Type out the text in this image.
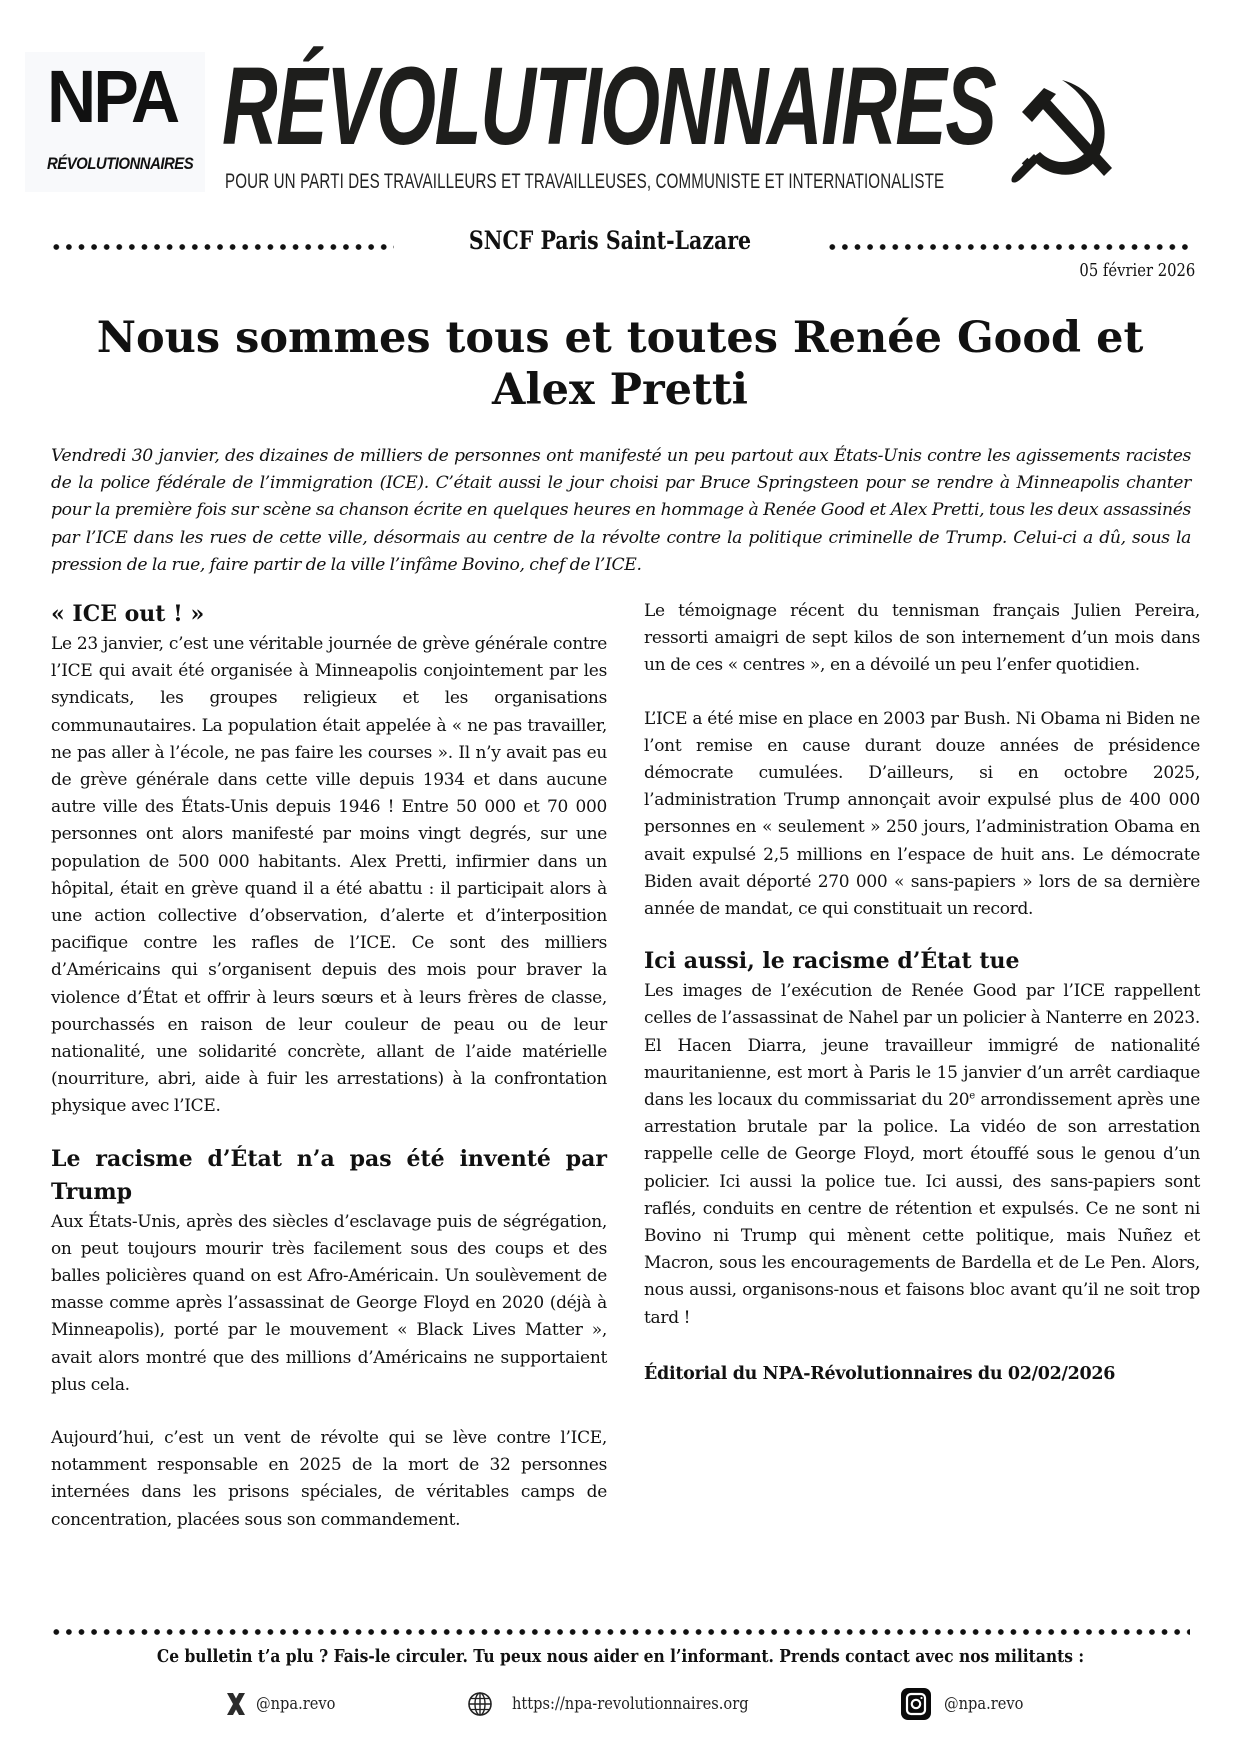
NPA
RÉVOLUTIONNAIRES RÉVOLUTIONNAIRES
POUR UN PARTI DES TRAVAILLEURS ET TRAVAILLEUSES, COMMUNISTE ET INTERNATIONALISTE
SNCF Paris Saint-Lazare
05 février 2026
Nous sommes tous et toutes Renée Good et Alex Pretti

Vendredi 30 janvier, des dizaines de milliers de personnes ont manifesté un peu partout aux États-Unis contre les agissements racistes de la police fédérale de l’immigration (ICE). C’était aussi le jour choisi par Bruce Springsteen pour se rendre à Minneapolis chanter pour la première fois sur scène sa chanson écrite en quelques heures en hommage à Renée Good et Alex Pretti, tous les deux assassinés par l’ICE dans les rues de cette ville, désormais au centre de la révolte contre la politique criminelle de Trump. Celui-ci a dû, sous la pression de la rue, faire partir de la ville l’infâme Bovino, chef de l’ICE.

« ICE out ! »

Le 23 janvier, c’est une véritable journée de grève générale contre l’ICE qui avait été organisée à Minneapolis conjointement par les syndicats, les groupes religieux et les organisations communautaires. La population était appelée à « ne pas travailler, ne pas aller à l’école, ne pas faire les courses ». Il n’y avait pas eu de grève générale dans cette ville depuis 1934 et dans aucune autre ville des États-Unis depuis 1946 ! Entre 50 000 et 70 000 personnes ont alors manifesté par moins vingt degrés, sur une population de 500 000 habitants. Alex Pretti, infirmier dans un hôpital, était en grève quand il a été abattu : il participait alors à une action collective d’observation, d’alerte et d’interposition pacifique contre les rafles de l’ICE. Ce sont des milliers d’Américains qui s’organisent depuis des mois pour braver la violence d’État et offrir à leurs sœurs et à leurs frères de classe, pourchassés en raison de leur couleur de peau ou de leur nationalité, une solidarité concrète, allant de l’aide matérielle (nourriture, abri, aide à fuir les arrestations) à la confrontation physique avec l’ICE.

Le racisme d’État n’a pas été inventé par Trump

Aux États-Unis, après des siècles d’esclavage puis de ségrégation, on peut toujours mourir très facilement sous des coups et des balles policières quand on est Afro-Américain. Un soulèvement de masse comme après l’assassinat de George Floyd en 2020 (déjà à Minneapolis), porté par le mouvement « Black Lives Matter », avait alors montré que des millions d’Américains ne supportaient plus cela.

Aujourd’hui, c’est un vent de révolte qui se lève contre l’ICE, notamment responsable en 2025 de la mort de 32 personnes internées dans les prisons spéciales, de véritables camps de concentration, placées sous son commandement.

Le témoignage récent du tennisman français Julien Pereira, ressorti amaigri de sept kilos de son internement d’un mois dans un de ces « centres », en a dévoilé un peu l’enfer quotidien.

L’ICE a été mise en place en 2003 par Bush. Ni Obama ni Biden ne l’ont remise en cause durant douze années de présidence démocrate cumulées. D’ailleurs, si en octobre 2025, l’administration Trump annonçait avoir expulsé plus de 400 000 personnes en « seulement » 250 jours, l’administration Obama en avait expulsé 2,5 millions en l’espace de huit ans. Le démocrate Biden avait déporté 270 000 « sans-papiers » lors de sa dernière année de mandat, ce qui constituait un record.

Ici aussi, le racisme d’État tue

Les images de l’exécution de Renée Good par l’ICE rappellent celles de l’assassinat de Nahel par un policier à Nanterre en 2023. El Hacen Diarra, jeune travailleur immigré de nationalité mauritanienne, est mort à Paris le 15 janvier d’un arrêt cardiaque dans les locaux du commissariat du 20e arrondissement après une arrestation brutale par la police. La vidéo de son arrestation rappelle celle de George Floyd, mort étouffé sous le genou d’un policier. Ici aussi la police tue. Ici aussi, des sans-papiers sont raflés, conduits en centre de rétention et expulsés. Ce ne sont ni Bovino ni Trump qui mènent cette politique, mais Nuñez et Macron, sous les encouragements de Bardella et de Le Pen. Alors, nous aussi, organisons-nous et faisons bloc avant qu’il ne soit trop tard !

Éditorial du NPA-Révolutionnaires du 02/02/2026

Ce bulletin t’a plu ? Fais-le circuler. Tu peux nous aider en l’informant. Prends contact avec nos militants :
@npa.revo	https://npa-revolutionnaires.org	@npa.revo
